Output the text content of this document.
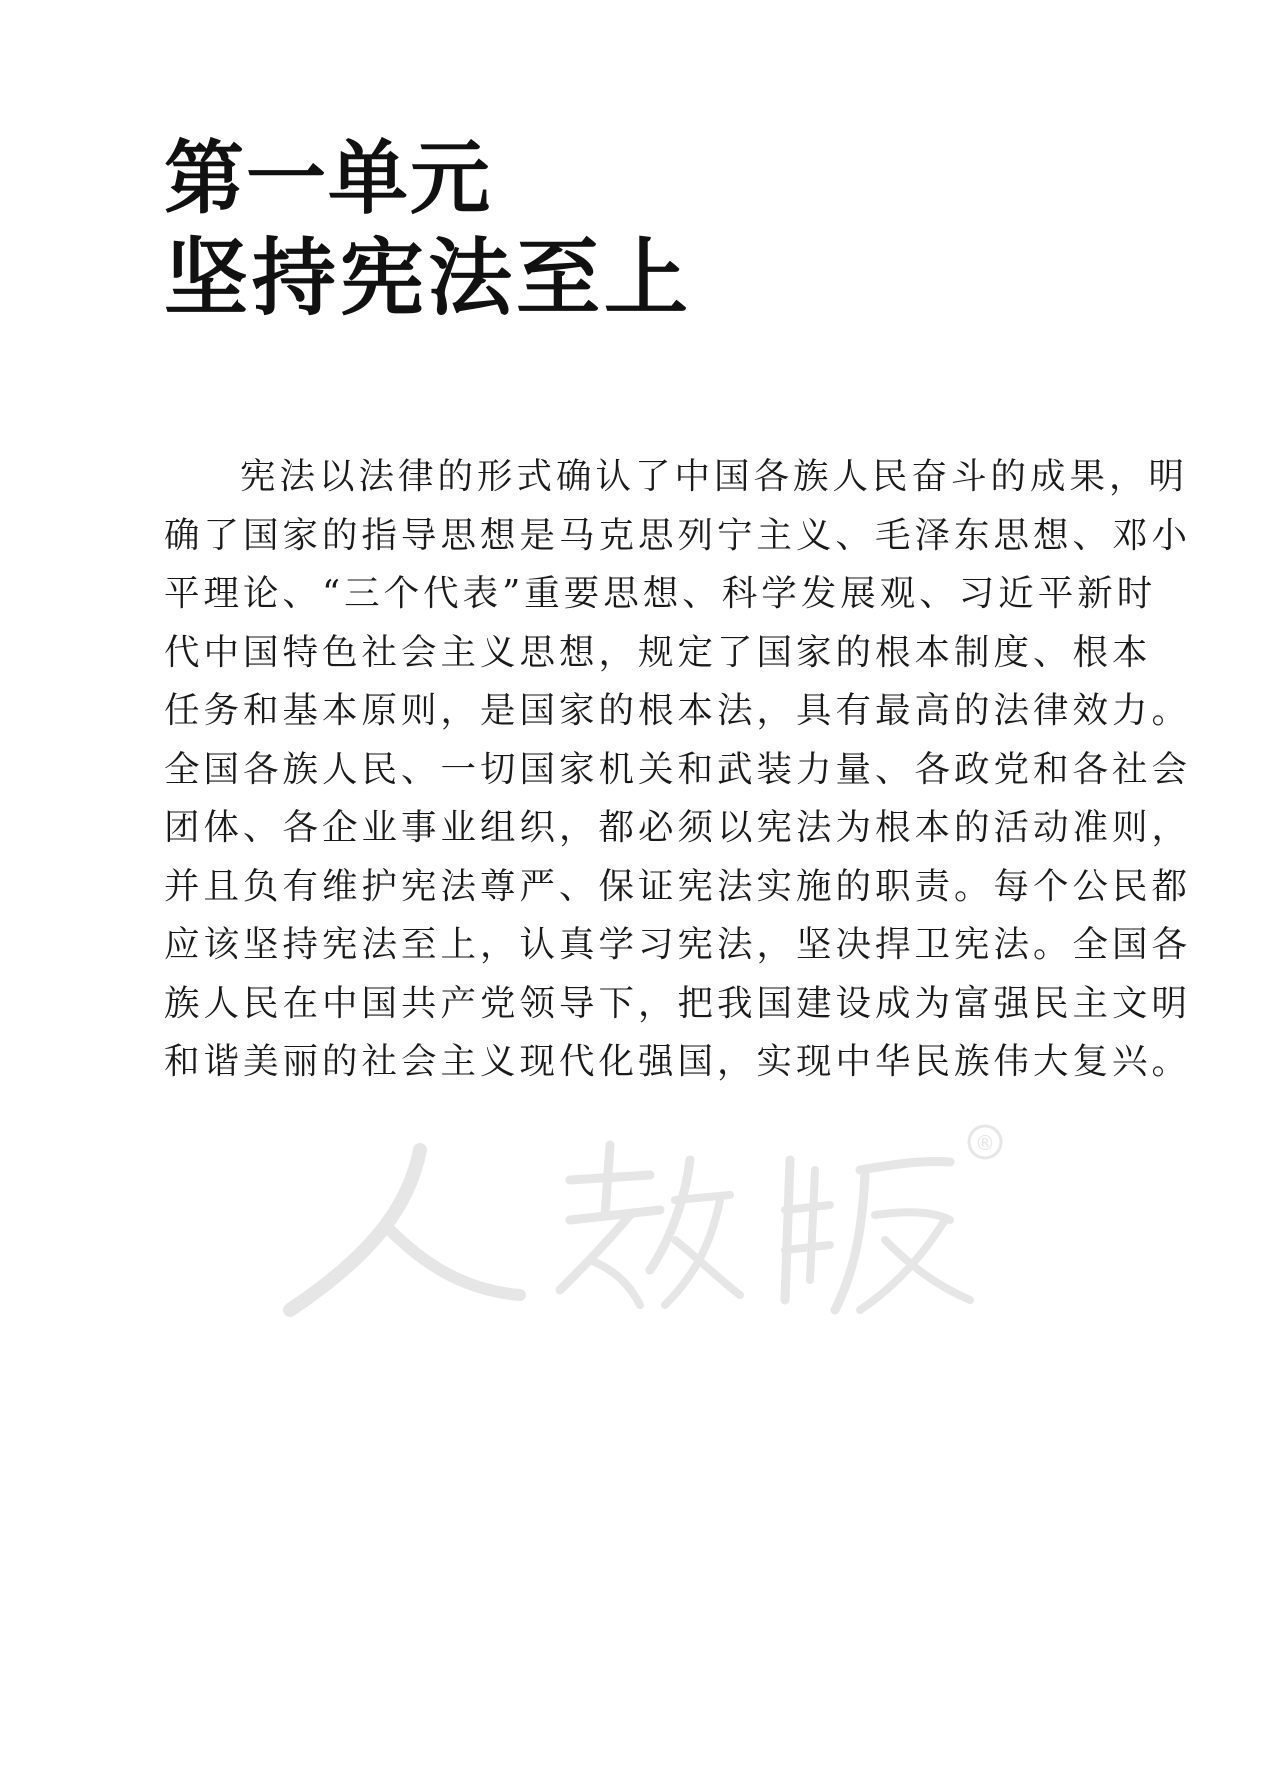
第一单元
坚持宪法至上
宪法以法律的形式确认了中国各族人民奋斗的成果，明
确了国家的指导思想是马克思列宁主义、毛泽东思想、邓小
平理论、“三个代表”重要思想、科学发展观、习近平新时
代中国特色社会主义思想，规定了国家的根本制度、根本
任务和基本原则，是国家的根本法，具有最高的法律效力。
全国各族人民、一切国家机关和武装力量、各政党和各社会
团体、各企业事业组织，都必须以宪法为根本的活动准则，
并且负有维护宪法尊严、保证宪法实施的职责。每个公民都
应该坚持宪法至上，认真学习宪法，坚决捍卫宪法。全国各
族人民在中国共产党领导下，把我国建设成为富强民主文明
和谐美丽的社会主义现代化强国，实现中华民族伟大复兴。
®
